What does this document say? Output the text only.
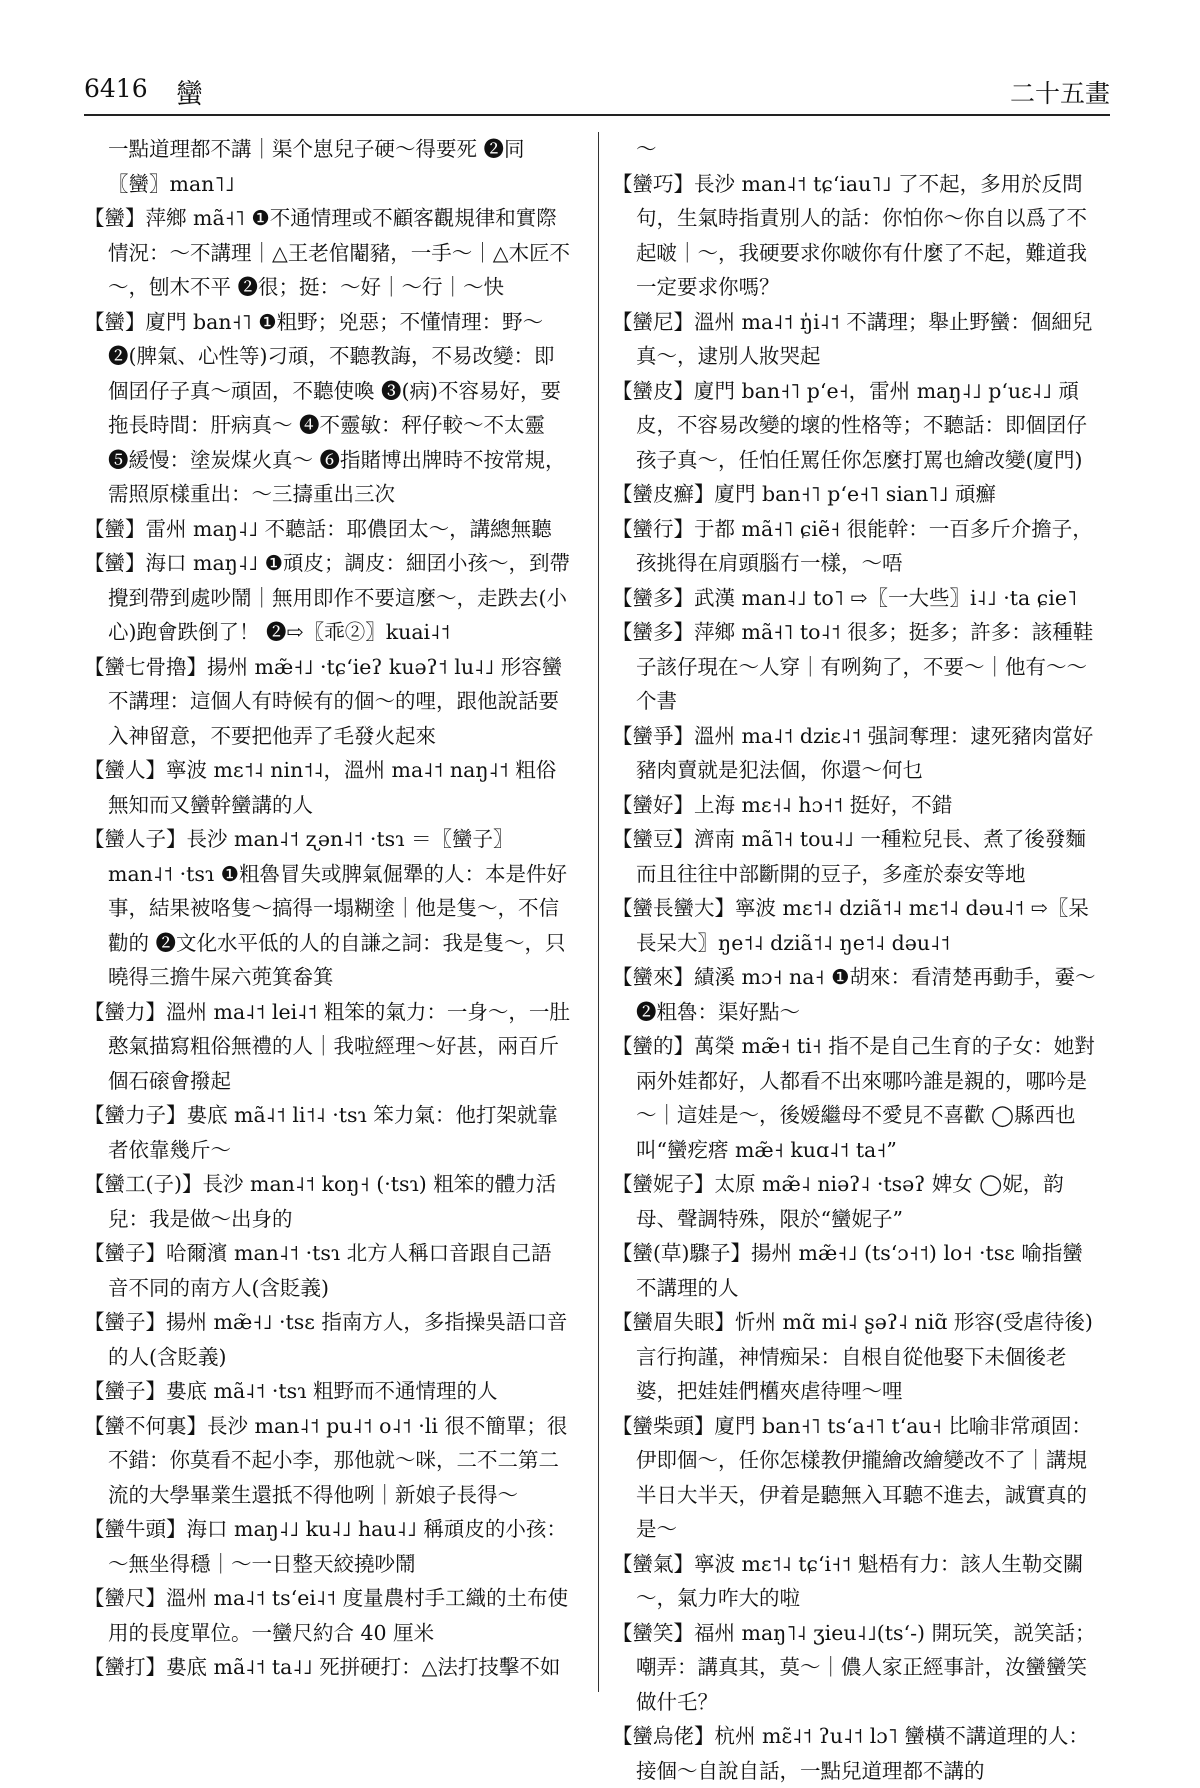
6416 蠻	二十五畫

一點道理都不講｜渠个崽兒子硬～得要死 ❷同〖蠻〗man˥˩

【蠻】萍鄉 mã˧˥ ❶不通情理或不顧客觀規律和實際情況：～不講理｜△王老倌閹豬，一手～｜△木匠不～，刨木不平 ❷很；挺：～好｜～行｜～快

【蠻】廈門 ban˧˥ ❶粗野；兇惡；不懂情理：野～ ❷(脾氣、心性等)刁頑，不聽教誨，不易改變：即個囝仔子真～頑固，不聽使喚 ❸(病)不容易好，要拖長時間：肝病真～ ❹不靈敏：秤仔較～不太靈 ❺緩慢：塗炭煤火真～ ❻指賭博出牌時不按常規，需照原樣重出：～三擣重出三次

【蠻】雷州 maŋ˨˩ 不聽話：耶儂囝太～，講總無聽

【蠻】海口 maŋ˨˩ ❶頑皮；調皮：細囝小孩～，到帶攪到帶到處吵鬧｜無用即作不要這麼～，走跌去(小心)跑會跌倒了！ ❷⇨〖乖②〗kuai˨˦

【蠻七骨擼】揚州 mæ̃˧˩ ·tɕʻieʔ kuəʔ˦ lu˨˩ 形容蠻不講理：這個人有時候有的個～的哩，跟他說話要入神留意，不要把他弄了毛發火起來

【蠻人】寧波 mɛ˦˨ nin˦˨，溫州 ma˨˦ naŋ˨˦ 粗俗無知而又蠻幹蠻講的人

【蠻人子】長沙 man˨˦ ʐən˨˦ ·tsɿ ＝〖蠻子〗man˨˦ ·tsɿ ❶粗魯冒失或脾氣倔犟的人：本是件好事，結果被咯隻～搞得一塌糊塗｜他是隻～，不信勸的 ❷文化水平低的人的自謙之詞：我是隻～，只曉得三擔牛屎六蔸箕畚箕

【蠻力】溫州 ma˨˦ lei˨˦ 粗笨的氣力：一身～，一肚憨氣描寫粗俗無禮的人｜我啦經理～好甚，兩百斤個石磙會撥起

【蠻力子】婁底 mã˨˦ li˦˨ ·tsɿ 笨力氣：他打架就靠者依靠幾斤～

【蠻工(子)】長沙 man˨˦ koŋ˧ (·tsɿ) 粗笨的體力活兒：我是做～出身的

【蠻子】哈爾濱 man˨˦ ·tsɿ 北方人稱口音跟自己語音不同的南方人(含貶義)

【蠻子】揚州 mæ̃˧˩ ·tsɛ 指南方人，多指操吳語口音的人(含貶義)

【蠻子】婁底 mã˨˦ ·tsɿ 粗野而不通情理的人

【蠻不何裏】長沙 man˨˦ pu˨˦ o˨˦ ·li 很不簡單；很不錯：你莫看不起小李，那他就～咪，二不二第二流的大學畢業生還抵不得他咧｜新娘子長得～

【蠻牛頭】海口 maŋ˨˩ ku˨˩ hau˨˩ 稱頑皮的小孩：～無坐得穩｜～一日整天絞撓吵鬧

【蠻尺】溫州 ma˨˦ tsʻei˨˦ 度量農村手工織的土布使用的長度單位。一蠻尺約合 40 厘米

【蠻打】婁底 mã˨˦ ta˨˩ 死拼硬打：△法打技擊不如

～

【蠻巧】長沙 man˨˦ tɕʻiau˥˩ 了不起，多用於反問句，生氣時指責別人的話：你怕你～你自以爲了不起啵｜～，我硬要求你啵你有什麼了不起，難道我一定要求你嗎？

【蠻尼】溫州 ma˨˦ ŋ̍i˨˦ 不講理；舉止野蠻：個細兒真～，逮別人妝哭起

【蠻皮】廈門 ban˧˥ pʻe˧，雷州 maŋ˨˩ pʻuɛ˨˩ 頑皮，不容易改變的壞的性格等；不聽話：即個囝仔孩子真～，任怕任罵任你怎麼打罵也繪改變(廈門)

【蠻皮癬】廈門 ban˧˥ pʻe˧˥ sian˥˩ 頑癬

【蠻行】于都 mã˧˥ ɕiẽ˧ 很能幹：一百多斤介擔子，孩挑得在肩頭腦冇一樣，～唔

【蠻多】武漢 man˨˩ to˥ ⇨〖一大些〗i˨˩ ·ta ɕie˥

【蠻多】萍鄉 mã˧˥ to˨˦ 很多；挺多；許多：該種鞋子該仔現在～人穿｜有咧夠了，不要～｜他有～～个書

【蠻爭】溫州 ma˨˦ dziɛ˨˦ 强詞奪理：逮死豬肉當好豬肉賣就是犯法個，你還～何乜

【蠻好】上海 mɛ˧˨ hɔ˧˦ 挺好，不錯

【蠻豆】濟南 mã˥˧ tou˨˩ 一種粒兒長、煮了後發麵而且往往中部斷開的豆子，多產於泰安等地

【蠻長蠻大】寧波 mɛ˦˨ dziã˦˨ mɛ˦˨ dəu˨˦ ⇨〖呆長呆大〗ŋe˦˨ dziã˦˨ ŋe˦˨ dəu˨˦

【蠻來】績溪 mɔ˧ na˧ ❶胡來：看清楚再動手，嫑～ ❷粗魯：渠好點～

【蠻的】萬榮 mæ̃˧ ti˧ 指不是自己生育的子女：她對兩外娃都好，人都看不出來哪吟誰是親的，哪吟是～｜這娃是～，後嫒繼母不愛見不喜歡 ◯縣西也叫“蠻疙瘩 mæ̃˧ kuɑ˨˦ ta˧”

【蠻妮子】太原 mæ̃˨ niəʔ˨ ·tsəʔ 婢女 ◯妮，韵母、聲調特殊，限於“蠻妮子”

【蠻(草)驟子】揚州 mæ̃˧˩ (tsʻɔ˧˦) lo˧ ·tsɛ 喻指蠻不講理的人

【蠻眉失眼】忻州 mɑ̃ mi˨ ʂəʔ˨ niɑ̃ 形容(受虐待後)言行拘謹，神情痴呆：自根自從他娶下未個後老婆，把娃娃們欍夾虐待哩～哩

【蠻柴頭】廈門 ban˧˥ tsʻa˧˥ tʻau˧ 比喻非常頑固：伊即個～，任你怎樣教伊攏繪改繪變改不了｜講規半日大半天，伊着是聽無入耳聽不進去，誠實真的是～

【蠻氣】寧波 mɛ˦˨ tɕʻi˧˦ 魁梧有力：該人生勒交關～，氣力咋大的啦

【蠻笑】福州 maŋ˥˨ ʒieu˨˩(tsʻ-) 開玩笑，説笑話；嘲弄：講真其，莫～｜儂人家正經事計，汝蠻蠻笑做什乇？

【蠻烏佬】杭州 mɛ̃˨˦ ʔu˨˦ lɔ˥ 蠻橫不講道理的人：接個～自說自話，一點兒道理都不講的
